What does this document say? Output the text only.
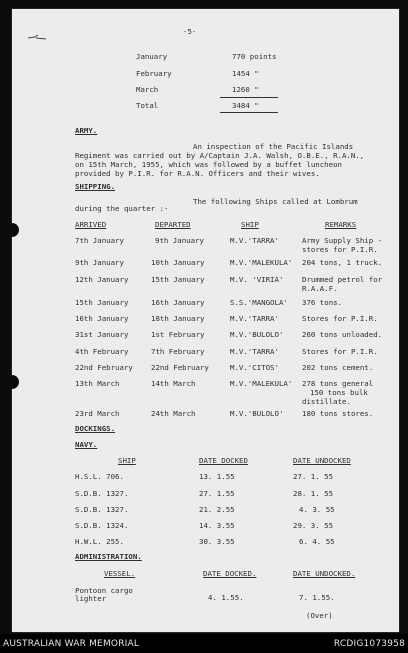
-5-
January	770 points
February	1454 "
March	1260 "
Total	3484 "
ARMY.
An inspection of the Pacific Islands
Regiment was carried out by A/Captain J.A. Walsh, O.B.E., R.A.N.,
on 15th March, 1955, which was followed by a buffet luncheon
provided by P.I.R. for R.A.N. Officers and their wives.
SHIPPING.
The following Ships called at Lombrum
during the quarter :-
ARRIVED	DEPARTED	SHIP	REMARKS
7th January	9th January	M.V.'TARRA'	Army Supply Ship -
stores for P.I.R.
9th January	10th January	M.V.'MALEKULA' 204 tons, 1 truck.
12th January	15th January	M.V. 'VIRIA'	Drummed petrol for
R.A.A.F.
15th January	16th January	S.S.'MANGOLA' 376 tons.
16th January	18th January	M.V.'TARRA'	Stores for P.I.R.
31st January	1st February	M.V.'BULOLO'	260 tons unloaded.
4th February	7th February	M.V.'TARRA'	Stores for P.I.R.
22nd February 22nd February	M.V.'CITOS'	202 tons cement.
13th March	14th March	M.V.'MALEKULA' 278 tons general
150 tons bulk
distillate.
23rd March	24th March	M.V.'BULOLO'	180 tons stores.
DOCKINGS.
NAVY.
SHIP	DATE DOCKED	DATE UNDOCKED
H.S.L. 706.	13. 1.55	27. 1. 55
S.D.B. 1327.	27. 1.55	28. 1. 55
S.D.B. 1327.	21. 2.55	4. 3. 55
S.D.B. 1324.	14. 3.55	29. 3. 55
H.W.L. 255.	30. 3.55	6. 4. 55
ADMINISTRATION.
VESSEL.	DATE DOCKED.	DATE UNDOCKED.
Pontoon cargo
lighter	4. 1.55.	7. 1.55.
(Over)
AUSTRALIAN WAR MEMORIAL	RCDIG1073958
